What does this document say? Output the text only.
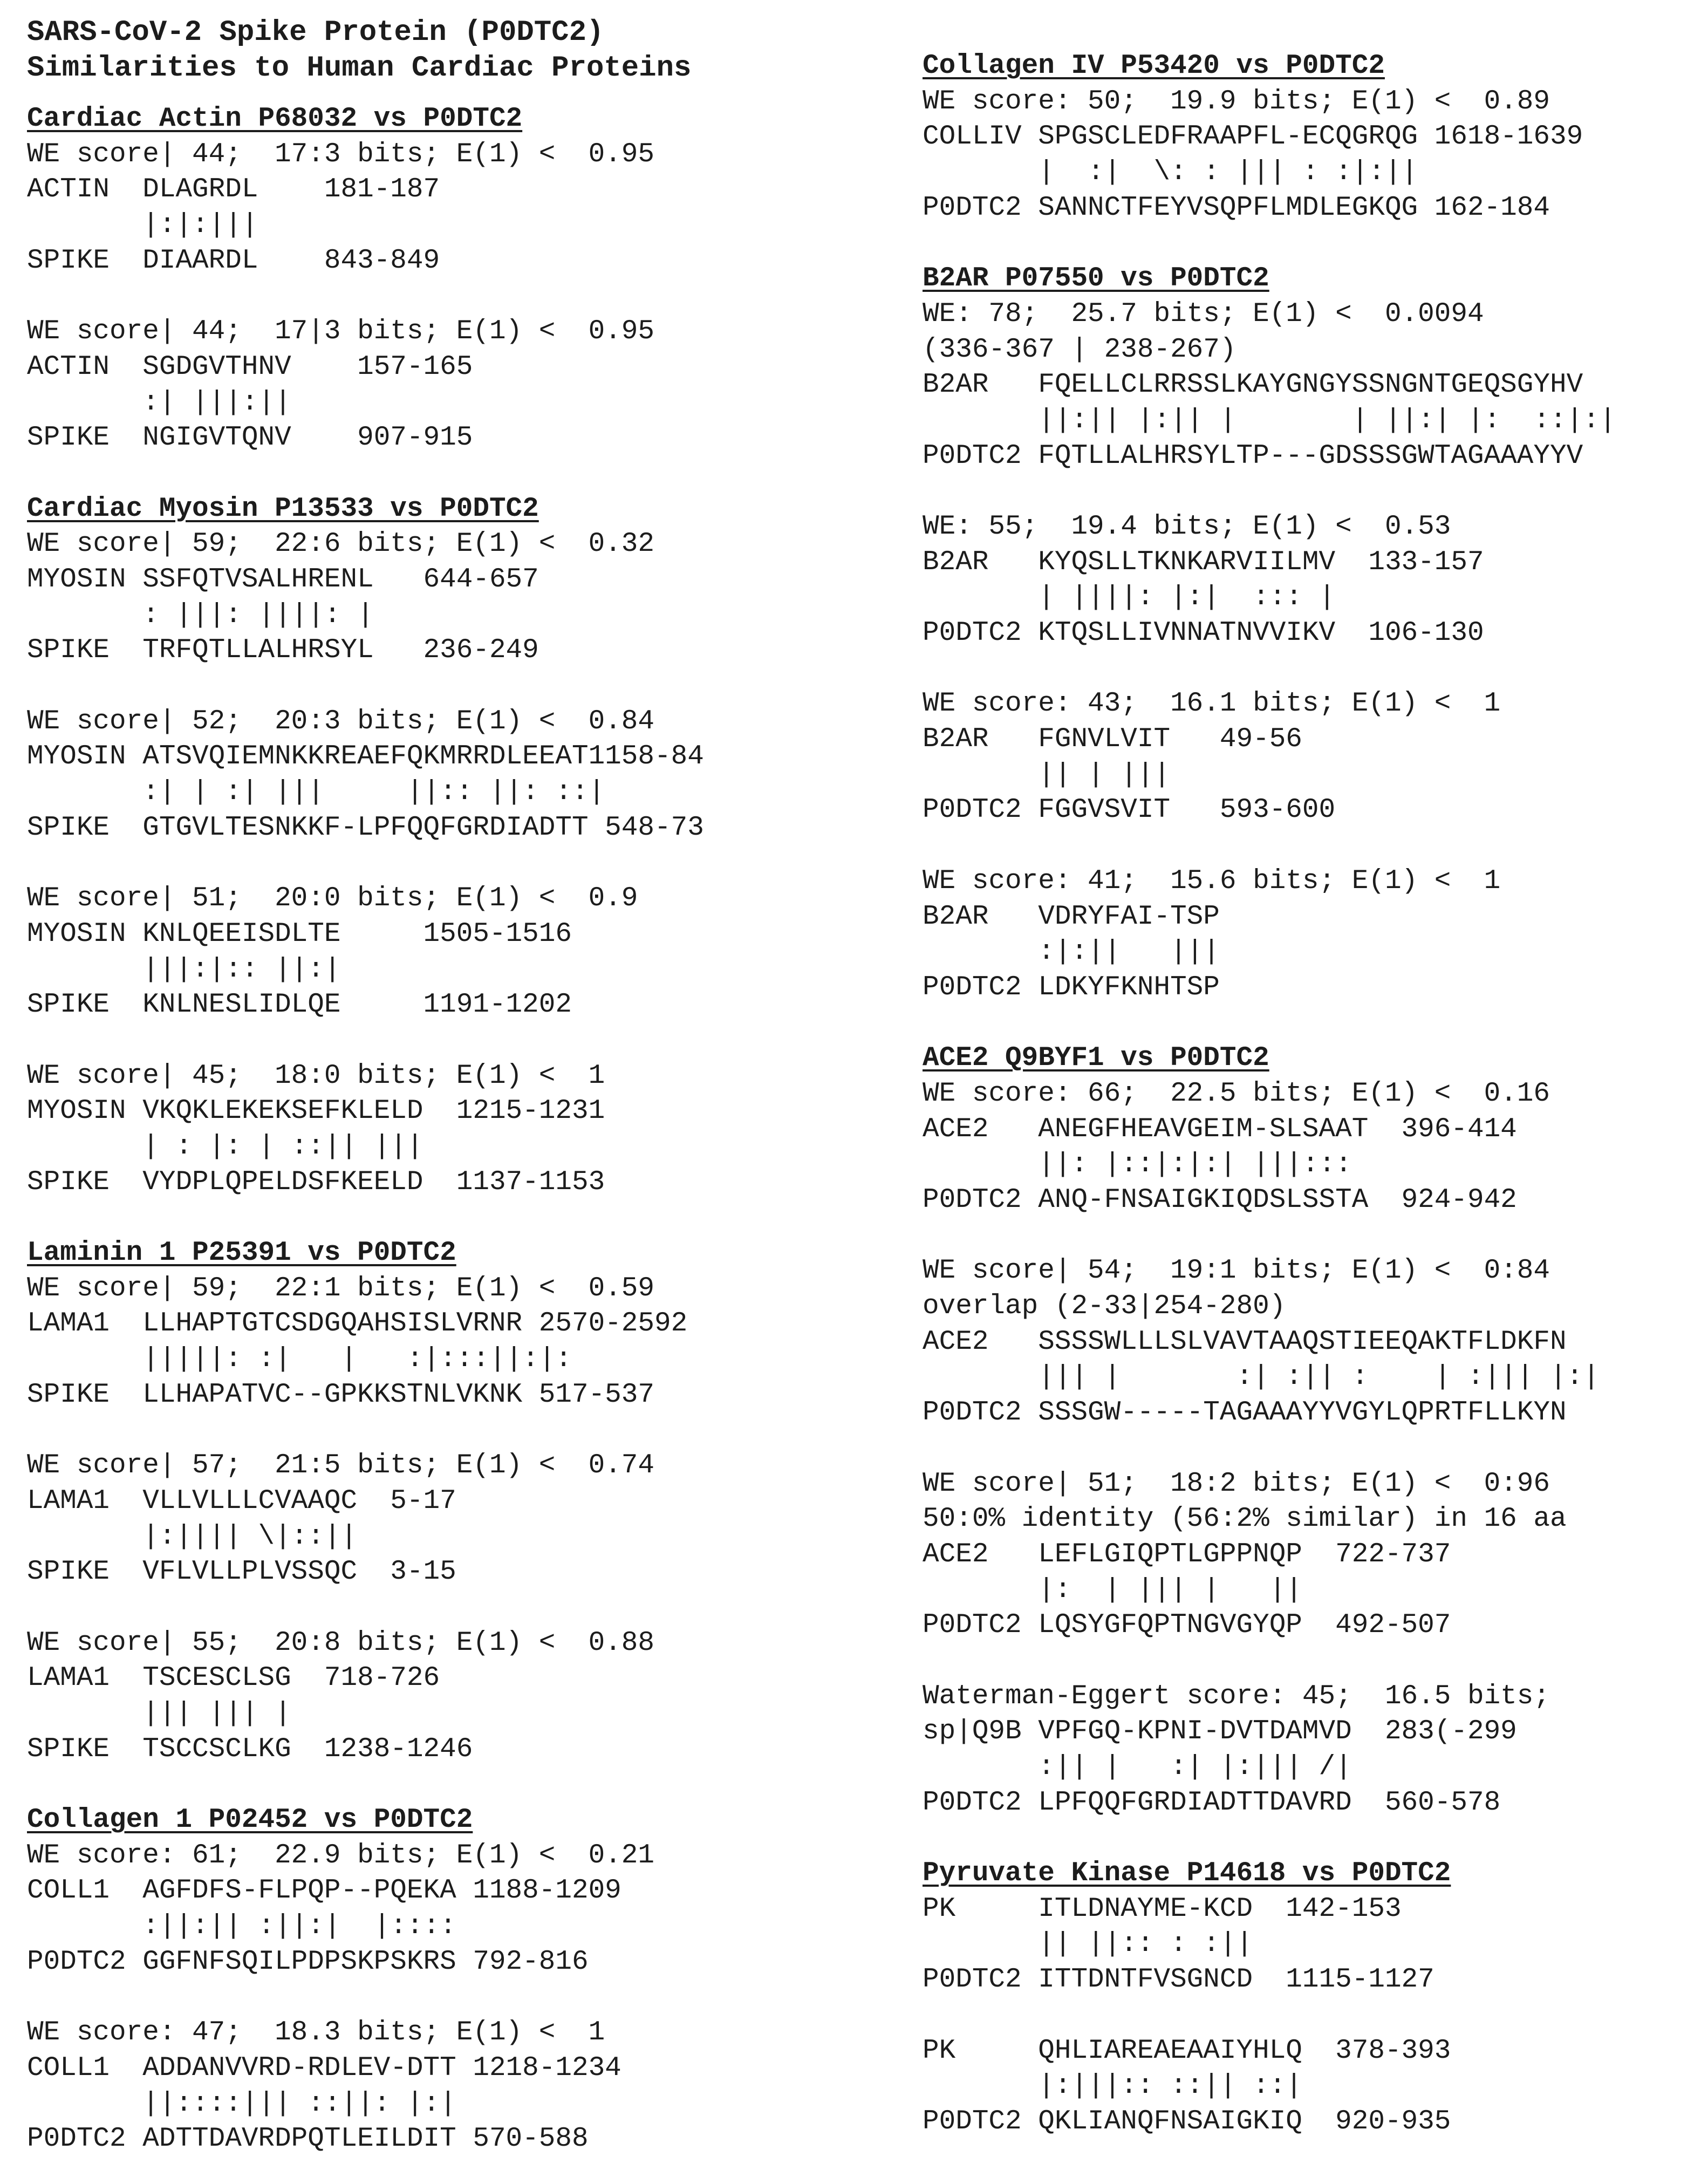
SARS-CoV-2 Spike Protein (P0DTC2)
Similarities to Human Cardiac Proteins
Cardiac Actin P68032 vs P0DTC2
WE score| 44;  17:3 bits; E(1) <  0.95
ACTIN  DLAGRDL    181-187
|:|:|||
SPIKE  DIAARDL    843-849
WE score| 44;  17|3 bits; E(1) <  0.95
ACTIN  SGDGVTHNV    157-165
:| |||:||
SPIKE  NGIGVTQNV    907-915
Cardiac Myosin P13533 vs P0DTC2
WE score| 59;  22:6 bits; E(1) <  0.32
MYOSIN SSFQTVSALHRENL   644-657
: |||: ||||: |
SPIKE  TRFQTLLALHRSYL   236-249
WE score| 52;  20:3 bits; E(1) <  0.84
MYOSIN ATSVQIEMNKKREAEFQKMRRDLEEAT1158-84
:| | :| |||     ||:: ||: ::|
SPIKE  GTGVLTESNKKF-LPFQQFGRDIADTT 548-73
WE score| 51;  20:0 bits; E(1) <  0.9
MYOSIN KNLQEEISDLTE     1505-1516
|||:|:: ||:|
SPIKE  KNLNESLIDLQE     1191-1202
WE score| 45;  18:0 bits; E(1) <  1
MYOSIN VKQKLEKEKSEFKLELD  1215-1231
| : |: | ::|| |||
SPIKE  VYDPLQPELDSFKEELD  1137-1153
Laminin 1 P25391 vs P0DTC2
WE score| 59;  22:1 bits; E(1) <  0.59
LAMA1  LLHAPTGTCSDGQAHSISLVRNR 2570-2592
|||||: :|   |   :|:::||:|:
SPIKE  LLHAPATVC--GPKKSTNLVKNK 517-537
WE score| 57;  21:5 bits; E(1) <  0.74
LAMA1  VLLVLLLCVAAQC  5-17
|:|||| \|::||
SPIKE  VFLVLLPLVSSQC  3-15
WE score| 55;  20:8 bits; E(1) <  0.88
LAMA1  TSCESCLSG  718-726
||| ||| |
SPIKE  TSCCSCLKG  1238-1246
Collagen 1 P02452 vs P0DTC2
WE score: 61;  22.9 bits; E(1) <  0.21
COLL1  AGFDFS-FLPQP--PQEKA 1188-1209
:||:|| :||:|  |::::
P0DTC2 GGFNFSQILPDPSKPSKRS 792-816
WE score: 47;  18.3 bits; E(1) <  1
COLL1  ADDANVVRD-RDLEV-DTT 1218-1234
||::::||| ::||: |:|
P0DTC2 ADTTDAVRDPQTLEILDIT 570-588
Collagen IV P53420 vs P0DTC2
WE score: 50;  19.9 bits; E(1) <  0.89
COLLIV SPGSCLEDFRAAPFL-ECQGRQG 1618-1639
|  :|  \: : ||| : :|:||
P0DTC2 SANNCTFEYVSQPFLMDLEGKQG 162-184
B2AR P07550 vs P0DTC2
WE: 78;  25.7 bits; E(1) <  0.0094
(336-367 | 238-267)
B2AR   FQELLCLRRSSLKAYGNGYSSNGNTGEQSGYHV
||:|| |:|| |       | ||:| |:  ::|:|
P0DTC2 FQTLLALHRSYLTP---GDSSSGWTAGAAAYYV
WE: 55;  19.4 bits; E(1) <  0.53
B2AR   KYQSLLTKNKARVIILMV  133-157
| ||||: |:|  ::: |
P0DTC2 KTQSLLIVNNATNVVIKV  106-130
WE score: 43;  16.1 bits; E(1) <  1
B2AR   FGNVLVIT   49-56
|| | |||
P0DTC2 FGGVSVIT   593-600
WE score: 41;  15.6 bits; E(1) <  1
B2AR   VDRYFAI-TSP
:|:||   |||
P0DTC2 LDKYFKNHTSP
ACE2 Q9BYF1 vs P0DTC2
WE score: 66;  22.5 bits; E(1) <  0.16
ACE2   ANEGFHEAVGEIM-SLSAAT  396-414
||: |::|:|:| |||:::
P0DTC2 ANQ-FNSAIGKIQDSLSSTA  924-942
WE score| 54;  19:1 bits; E(1) <  0:84
overlap (2-33|254-280)
ACE2   SSSSWLLLSLVAVTAAQSTIEEQAKTFLDKFN
||| |       :| :|| :    | :||| |:|
P0DTC2 SSSGW-----TAGAAAYYVGYLQPRTFLLKYN
WE score| 51;  18:2 bits; E(1) <  0:96
50:0% identity (56:2% similar) in 16 aa
ACE2   LEFLGIQPTLGPPNQP  722-737
|:  | ||| |   ||
P0DTC2 LQSYGFQPTNGVGYQP  492-507
Waterman-Eggert score: 45;  16.5 bits;
sp|Q9B VPFGQ-KPNI-DVTDAMVD  283(-299
:|| |   :| |:||| /|
P0DTC2 LPFQQFGRDIADTTDAVRD  560-578
Pyruvate Kinase P14618 vs P0DTC2
PK     ITLDNAYME-KCD  142-153
|| ||:: : :||
P0DTC2 ITTDNTFVSGNCD  1115-1127
PK     QHLIAREAEAAIYHLQ  378-393
|:|||:: ::|| ::|
P0DTC2 QKLIANQFNSAIGKIQ  920-935
